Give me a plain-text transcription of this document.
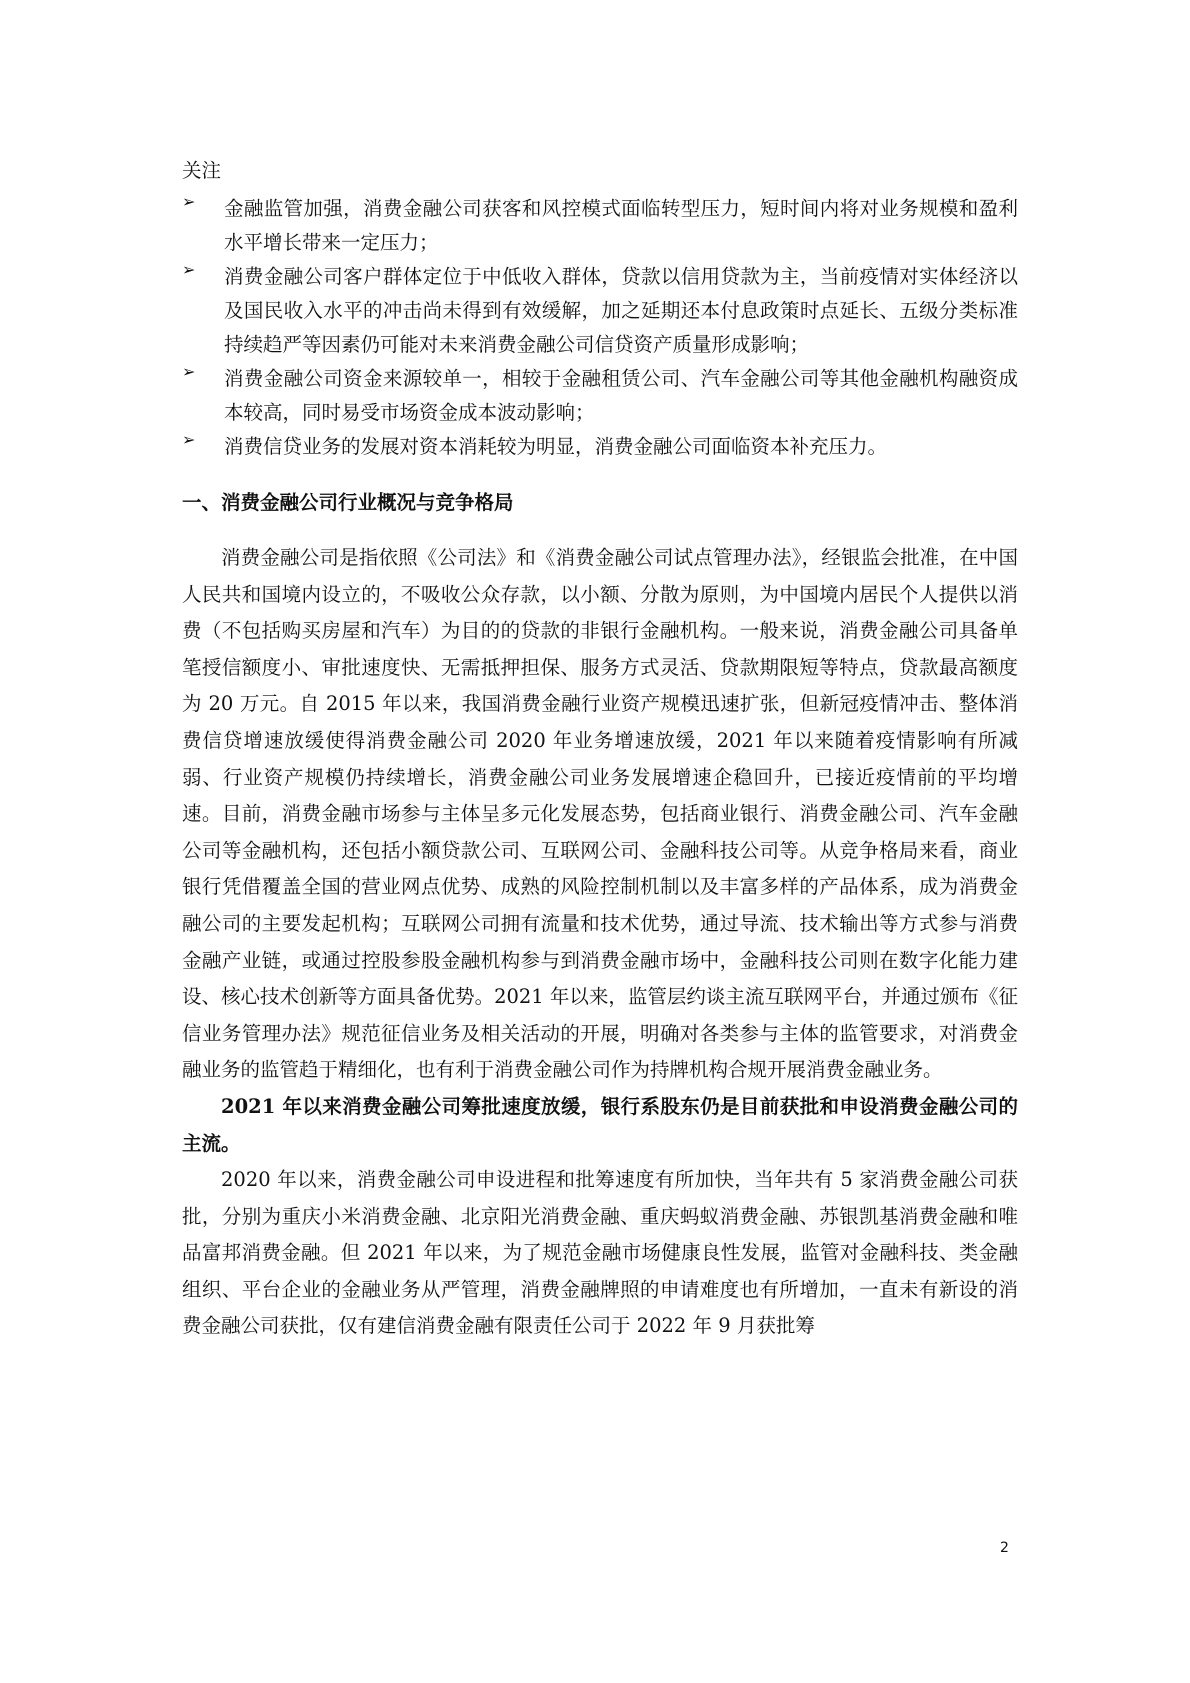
关注
➢ 金融监管加强，消费金融公司获客和风控模式面临转型压力，短时间内将对业务规模和盈利水平增长带来一定压力；
➢ 消费金融公司客户群体定位于中低收入群体，贷款以信用贷款为主，当前疫情对实体经济以及国民收入水平的冲击尚未得到有效缓解，加之延期还本付息政策时点延长、五级分类标准持续趋严等因素仍可能对未来消费金融公司信贷资产质量形成影响；
➢ 消费金融公司资金来源较单一，相较于金融租赁公司、汽车金融公司等其他金融机构融资成本较高，同时易受市场资金成本波动影响；
➢ 消费信贷业务的发展对资本消耗较为明显，消费金融公司面临资本补充压力。
一、消费金融公司行业概况与竞争格局

消费金融公司是指依照《公司法》和《消费金融公司试点管理办法》，经银监会批准，在中国人民共和国境内设立的，不吸收公众存款，以小额、分散为原则，为中国境内居民个人提供以消费（不包括购买房屋和汽车）为目的的贷款的非银行金融机构。一般来说，消费金融公司具备单笔授信额度小、审批速度快、无需抵押担保、服务方式灵活、贷款期限短等特点，贷款最高额度为 20 万元。自 2015 年以来，我国消费金融行业资产规模迅速扩张，但新冠疫情冲击、整体消费信贷增速放缓使得消费金融公司 2020 年业务增速放缓，2021 年以来随着疫情影响有所减弱、行业资产规模仍持续增长，消费金融公司业务发展增速企稳回升，已接近疫情前的平均增速。目前，消费金融市场参与主体呈多元化发展态势，包括商业银行、消费金融公司、汽车金融公司等金融机构，还包括小额贷款公司、互联网公司、金融科技公司等。从竞争格局来看，商业银行凭借覆盖全国的营业网点优势、成熟的风险控制机制以及丰富多样的产品体系，成为消费金融公司的主要发起机构；互联网公司拥有流量和技术优势，通过导流、技术输出等方式参与消费金融产业链，或通过控股参股金融机构参与到消费金融市场中，金融科技公司则在数字化能力建设、核心技术创新等方面具备优势。2021 年以来，监管层约谈主流互联网平台，并通过颁布《征信业务管理办法》规范征信业务及相关活动的开展，明确对各类参与主体的监管要求，对消费金融业务的监管趋于精细化，也有利于消费金融公司作为持牌机构合规开展消费金融业务。

2021 年以来消费金融公司筹批速度放缓，银行系股东仍是目前获批和申设消费金融公司的主流。

2020 年以来，消费金融公司申设进程和批筹速度有所加快，当年共有 5 家消费金融公司获批，分别为重庆小米消费金融、北京阳光消费金融、重庆蚂蚁消费金融、苏银凯基消费金融和唯品富邦消费金融。但 2021 年以来，为了规范金融市场健康良性发展，监管对金融科技、类金融组织、平台企业的金融业务从严管理，消费金融牌照的申请难度也有所增加，一直未有新设的消费金融公司获批，仅有建信消费金融有限责任公司于 2022 年 9 月获批筹

2
